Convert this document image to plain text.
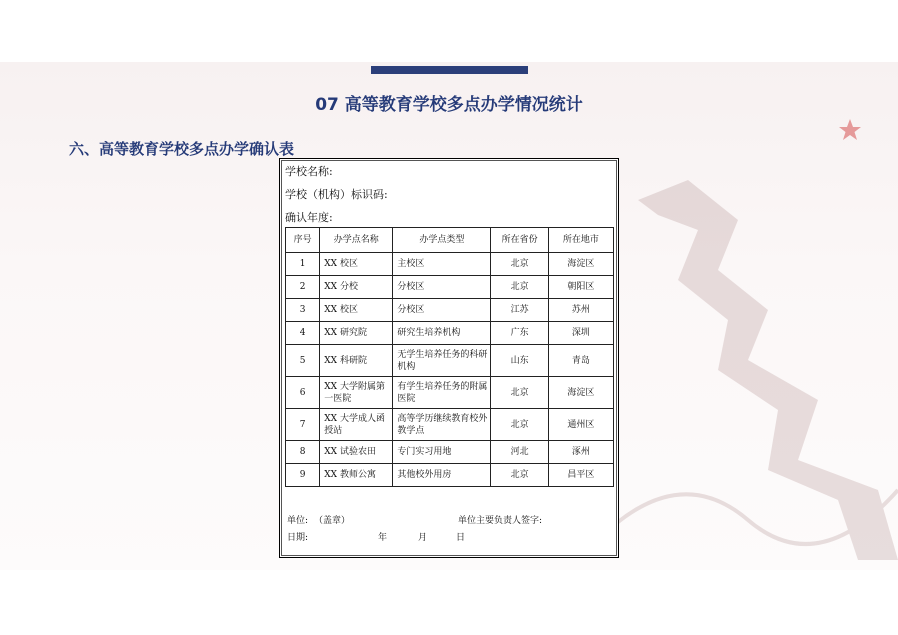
07 高等教育学校多点办学情况统计
六、高等教育学校多点办学确认表
学校名称:
学校（机构）标识码:
确认年度:
序号	办学点名称	办学点类型	所在省份	所在地市
1	XX 校区	主校区	北京	海淀区
2	XX 分校	分校区	北京	朝阳区
3	XX 校区	分校区	江苏	苏州
4	XX 研究院	研究生培养机构	广东	深圳
5	XX 科研院	无学生培养任务的科研机构	山东	青岛
6	XX 大学附属第一医院	有学生培养任务的附属医院	北京	海淀区
7	XX 大学成人函授站	高等学历继续教育校外教学点	北京	通州区
8	XX 试验农田	专门实习用地	河北	涿州
9	XX 教师公寓	其他校外用房	北京	昌平区
单位: （盖章）	单位主要负责人签字:
日期:	年	月	日
